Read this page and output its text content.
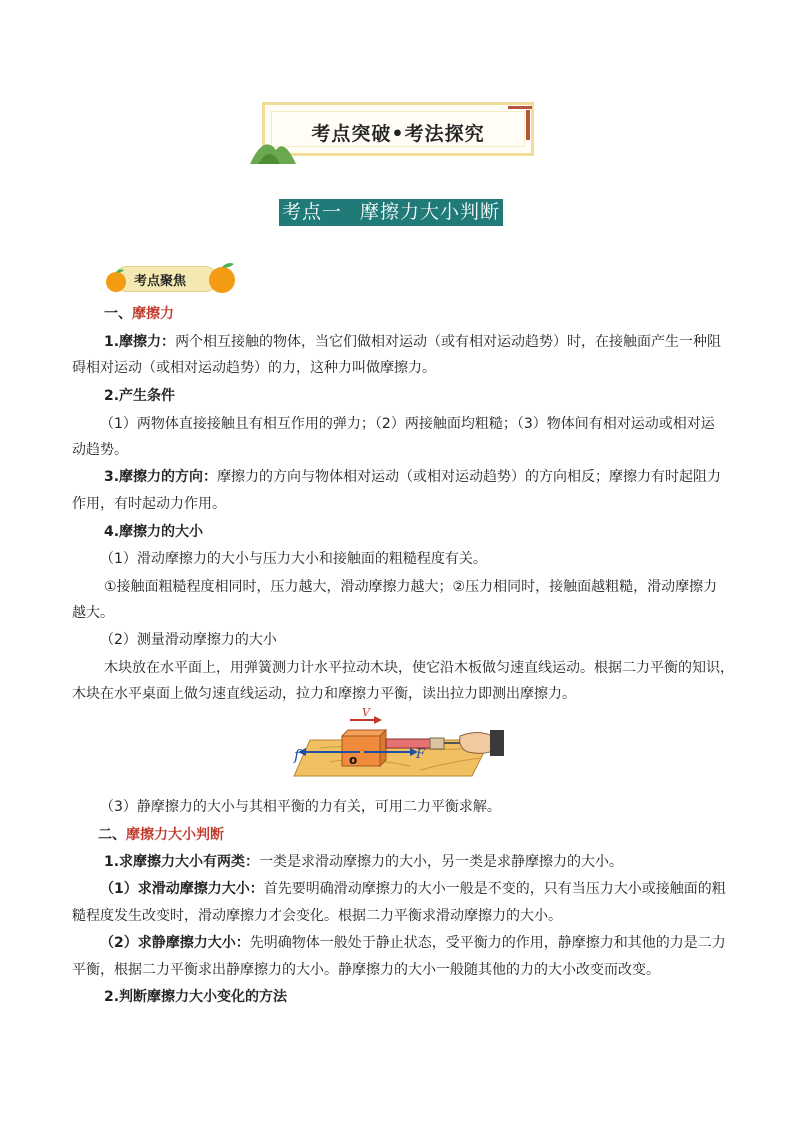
考点突破•考法探究
考点一 摩擦力大小判断
考点聚焦
一、摩擦力
1.摩擦力：两个相互接触的物体，当它们做相对运动（或有相对运动趋势）时，在接触面产生一种阻
碍相对运动（或相对运动趋势）的力，这种力叫做摩擦力。
2.产生条件
（1）两物体直接接触且有相互作用的弹力；（2）两接触面均粗糙；（3）物体间有相对运动或相对运
动趋势。
3.摩擦力的方向：摩擦力的方向与物体相对运动（或相对运动趋势）的方向相反；摩擦力有时起阻力
作用，有时起动力作用。
4.摩擦力的大小
（1）滑动摩擦力的大小与压力大小和接触面的粗糙程度有关。
①接触面粗糙程度相同时，压力越大，滑动摩擦力越大；②压力相同时，接触面越粗糙，滑动摩擦力
越大。
（2）测量滑动摩擦力的大小
木块放在水平面上，用弹簧测力计水平拉动木块，使它沿木板做匀速直线运动。根据二力平衡的知识，
木块在水平桌面上做匀速直线运动，拉力和摩擦力平衡，读出拉力即测出摩擦力。
V
f	F
o
（3）静摩擦力的大小与其相平衡的力有关，可用二力平衡求解。
二、摩擦力大小判断
1.求摩擦力大小有两类：一类是求滑动摩擦力的大小，另一类是求静摩擦力的大小。
（1）求滑动摩擦力大小：首先要明确滑动摩擦力的大小一般是不变的，只有当压力大小或接触面的粗
糙程度发生改变时，滑动摩擦力才会变化。根据二力平衡求滑动摩擦力的大小。
（2）求静摩擦力大小：先明确物体一般处于静止状态，受平衡力的作用，静摩擦力和其他的力是二力
平衡，根据二力平衡求出静摩擦力的大小。静摩擦力的大小一般随其他的力的大小改变而改变。
2.判断摩擦力大小变化的方法
